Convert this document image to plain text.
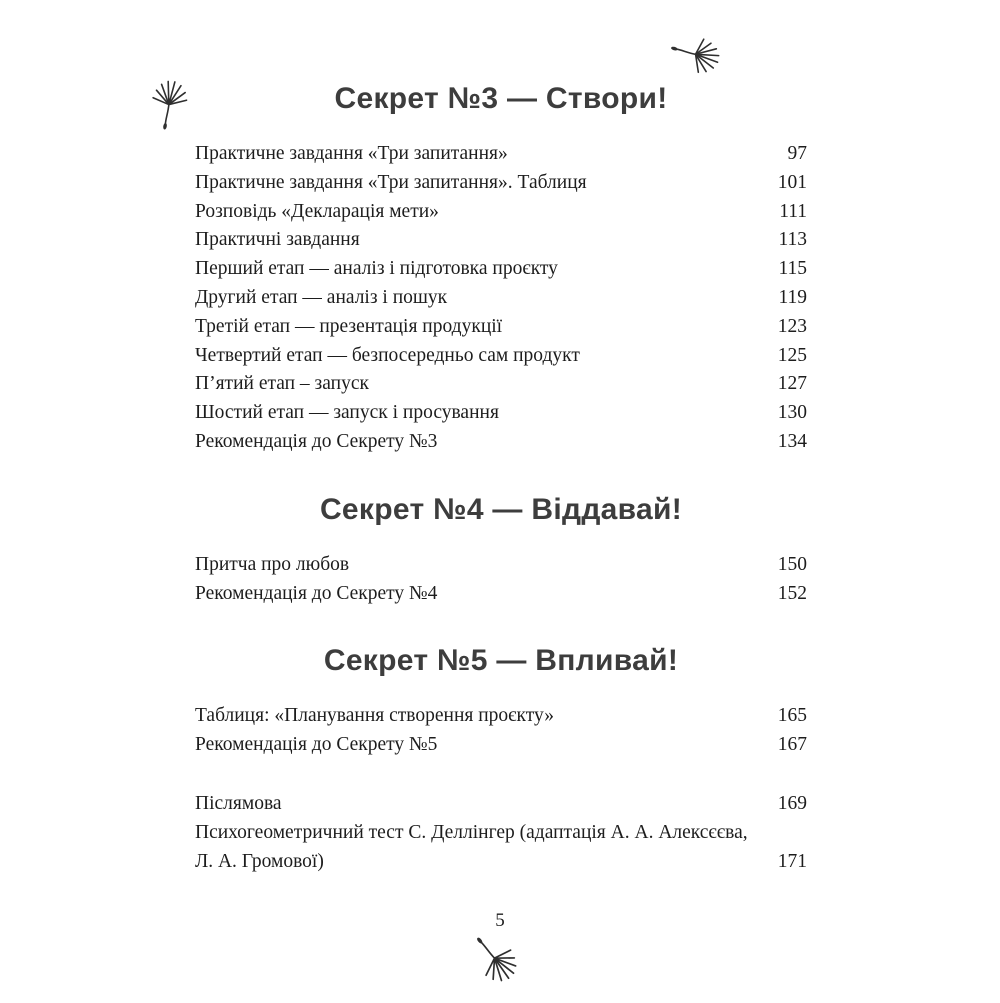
Секрет №3 — Створи!
Практичне завдання «Три запитання»	97
Практичне завдання «Три запитання». Таблиця	101
Розповідь «Декларація мети»	111
Практичні завдання	113
Перший етап — аналіз і підготовка проєкту	115
Другий етап — аналіз і пошук	119
Третій етап — презентація продукції	123
Четвертий етап — безпосередньо сам продукт	125
П’ятий етап – запуск	127
Шостий етап — запуск і просування	130
Рекомендація до Секрету №3	134
Секрет №4 — Віддавай!
Притча про любов	150
Рекомендація до Секрету №4	152
Секрет №5 — Впливай!
Таблиця: «Планування створення проєкту»	165
Рекомендація до Секрету №5	167
Післямова	169
Психогеометричний тест С. Деллінгер (адаптація А. А. Алексєєва, Л. А. Громової)	171
5
